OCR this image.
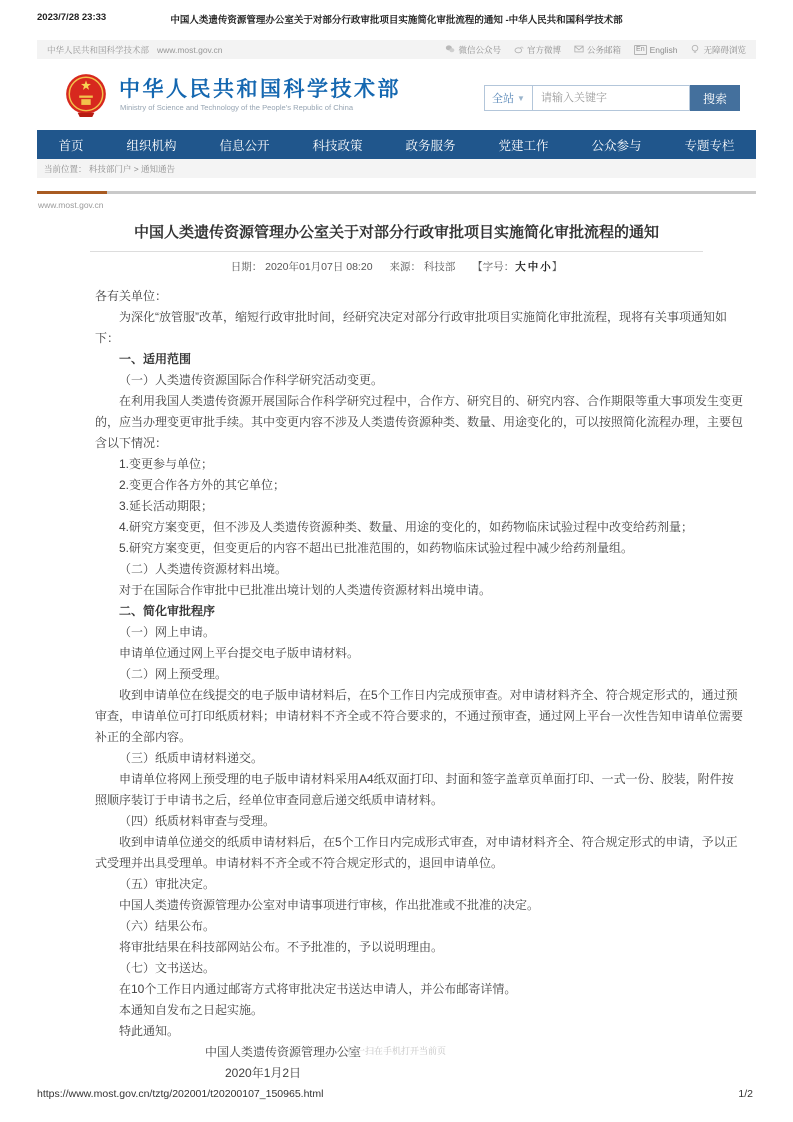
2023/7/28 23:33	中国人类遗传资源管理办公室关于对部分行政审批项目实施简化审批流程的通知 -中华人民共和国科学技术部
中华人民共和国科学技术部 www.most.gov.cn	微信公众号	官方微博	公务邮箱 En English	无障碍浏览
中华人民共和国科学技术部
Ministry of Science and Technology of the People's Republic of China
全站 ▼
请输入关键字	搜索
首页	组织机构	信息公开	科技政策	政务服务	党建工作	公众参与	专题专栏
当前位置： 科技部门户 > 通知通告
www.most.gov.cn
中国人类遗传资源管理办公室关于对部分行政审批项目实施简化审批流程的通知
日期： 2020年01月07日 08:20 来源： 科技部 【字号：大 中 小】

各有关单位：

为深化“放管服”改革，缩短行政审批时间，经研究决定对部分行政审批项目实施简化审批流程，现将有关事项通知如下：

一、适用范围

（一）人类遗传资源国际合作科学研究活动变更。

在利用我国人类遗传资源开展国际合作科学研究过程中，合作方、研究目的、研究内容、合作期限等重大事项发生变更的，应当办理变更审批手续。其中变更内容不涉及人类遗传资源种类、数量、用途变化的，可以按照简化流程办理，主要包含以下情况：

1.变更参与单位；

2.变更合作各方外的其它单位；

3.延长活动期限；

4.研究方案变更，但不涉及人类遗传资源种类、数量、用途的变化的，如药物临床试验过程中改变给药剂量；

5.研究方案变更，但变更后的内容不超出已批准范围的，如药物临床试验过程中减少给药剂量组。

（二）人类遗传资源材料出境。

对于在国际合作审批中已批准出境计划的人类遗传资源材料出境申请。

二、简化审批程序

（一）网上申请。

申请单位通过网上平台提交电子版申请材料。

（二）网上预受理。

收到申请单位在线提交的电子版申请材料后，在5个工作日内完成预审查。对申请材料齐全、符合规定形式的，通过预审查，申请单位可打印纸质材料；申请材料不齐全或不符合要求的，不通过预审查，通过网上平台一次性告知申请单位需要补正的全部内容。

（三）纸质申请材料递交。

申请单位将网上预受理的电子版申请材料采用A4纸双面打印、封面和签字盖章页单面打印、一式一份、胶装，附件按照顺序装订于申请书之后，经单位审查同意后递交纸质申请材料。

（四）纸质材料审查与受理。

收到申请单位递交的纸质申请材料后，在5个工作日内完成形式审查，对申请材料齐全、符合规定形式的申请，予以正式受理并出具受理单。申请材料不齐全或不符合规定形式的，退回申请单位。

（五）审批决定。

中国人类遗传资源管理办公室对申请事项进行审核，作出批准或不批准的决定。

（六）结果公布。

将审批结果在科技部网站公布。不予批准的，予以说明理由。

（七）文书送达。

在10个工作日内通过邮寄方式将审批决定书送达申请人，并公布邮寄详情。

本通知自发布之日起实施。

特此通知。

中国人类遗传资源管理办公室

2020年1月2日

扫一扫在手机打开当前页
https://www.most.gov.cn/tztg/202001/t20200107_150965.html	1/2
